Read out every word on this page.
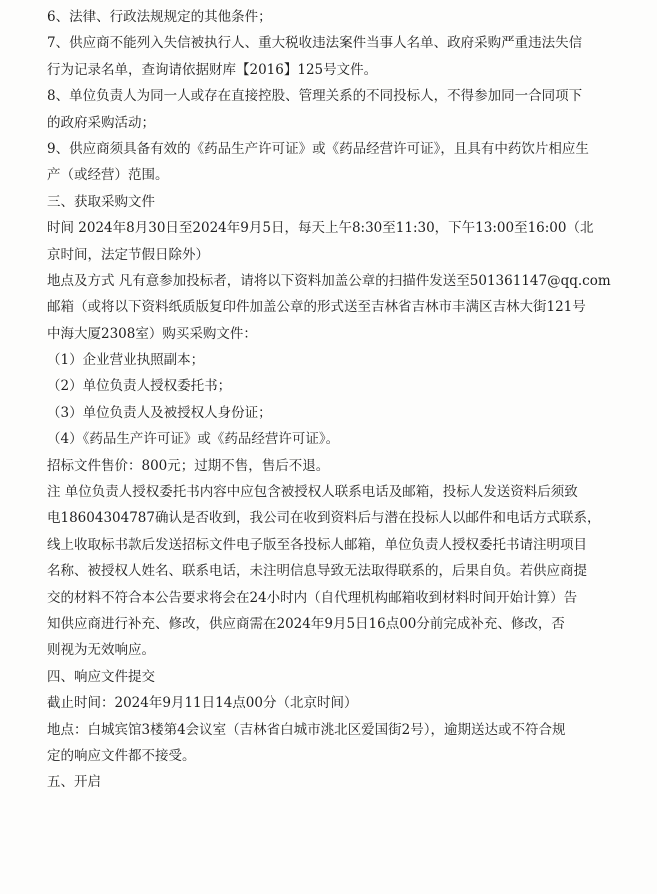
6、法律、行政法规规定的其他条件；
7、供应商不能列入失信被执行人、重大税收违法案件当事人名单、政府采购严重违法失信
行为记录名单，查询请依据财库【2016】125号文件。
8、单位负责人为同一人或存在直接控股、管理关系的不同投标人，不得参加同一合同项下
的政府采购活动；
9、供应商须具备有效的《药品生产许可证》或《药品经营许可证》，且具有中药饮片相应生
产（或经营）范围。
三、获取采购文件
时间 2024年8月30日至2024年9月5日，每天上午8:30至11:30，下午13:00至16:00（北
京时间，法定节假日除外）
地点及方式 凡有意参加投标者，请将以下资料加盖公章的扫描件发送至501361147@qq.com
邮箱（或将以下资料纸质版复印件加盖公章的形式送至吉林省吉林市丰满区吉林大街121号
中海大厦2308室）购买采购文件：
（1）企业营业执照副本；
（2）单位负责人授权委托书；
（3）单位负责人及被授权人身份证；
（4）《药品生产许可证》或《药品经营许可证》。
招标文件售价：800元；过期不售，售后不退。
注 单位负责人授权委托书内容中应包含被授权人联系电话及邮箱，投标人发送资料后须致
电18604304787确认是否收到，我公司在收到资料后与潜在投标人以邮件和电话方式联系，
线上收取标书款后发送招标文件电子版至各投标人邮箱，单位负责人授权委托书请注明项目
名称、被授权人姓名、联系电话，未注明信息导致无法取得联系的，后果自负。若供应商提
交的材料不符合本公告要求将会在24小时内（自代理机构邮箱收到材料时间开始计算）告
知供应商进行补充、修改，供应商需在2024年9月5日16点00分前完成补充、修改，否
则视为无效响应。
四、响应文件提交
截止时间：2024年9月11日14点00分（北京时间）
地点：白城宾馆3楼第4会议室（吉林省白城市洮北区爱国街2号），逾期送达或不符合规
定的响应文件都不接受。
五、开启
